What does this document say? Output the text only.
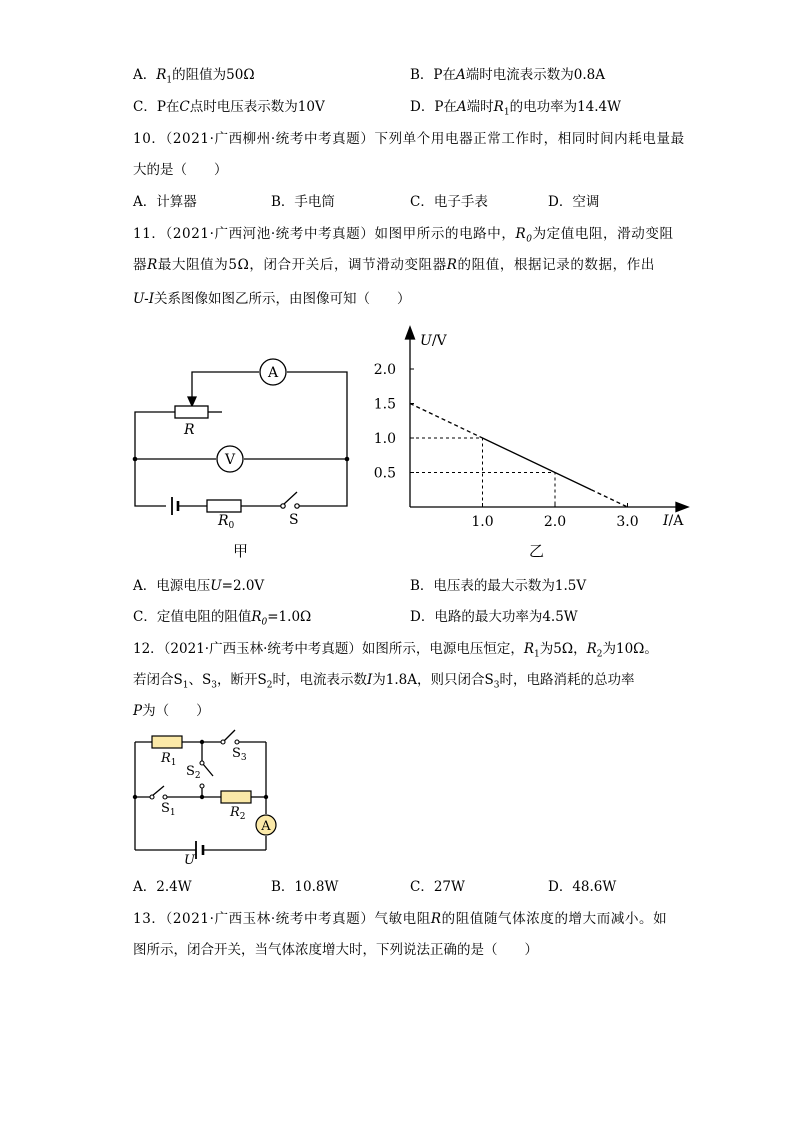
A．$R_1$的阻值为50Ω	B．P在A端时电流表示数为0.8A
C．P在C点时电压表示数为10V	D．P在A端时$R_1$的电功率为14.4W
10．（2021·广西柳州·统考中考真题）下列单个用电器正常工作时，相同时间内耗电量最
大的是（　　）
A．计算器	B．手电筒	C．电子手表	D．空调
11．（2021·广西河池·统考中考真题）如图甲所示的电路中，$R_0$为定值电阻，滑动变阻
器R最大阻值为5Ω，闭合开关后，调节滑动变阻器R的阻值，根据记录的数据，作出
U-I关系图像如图乙所示，由图像可知（　　）
A
V
R
$R_0$	S
甲
0.5
1.0
1.5
2.0
1.0	2.0	3.0
U/V
I/A
乙
A．电源电压U=2.0V	B．电压表的最大示数为1.5V
C．定值电阻的阻值$R_0=1.0\Omega$	D．电路的最大功率为4.5W
12．（2021·广西玉林·统考中考真题）如图所示，电源电压恒定，$R_1$为5Ω，$R_2$为10Ω。
若闭合$S_1$、$S_3$，断开$S_2$时，电流表示数I为1.8A，则只闭合$S_3$时，电路消耗的总功率
P为（　　）
A
$R_1$
$R_2$
$S_3$
$S_2$
$S_1$
U
A．2.4W	B．10.8W	C．27W	D．48.6W
13．（2021·广西玉林·统考中考真题）气敏电阻R的阻值随气体浓度的增大而减小。如
图所示，闭合开关，当气体浓度增大时，下列说法正确的是（　　）
